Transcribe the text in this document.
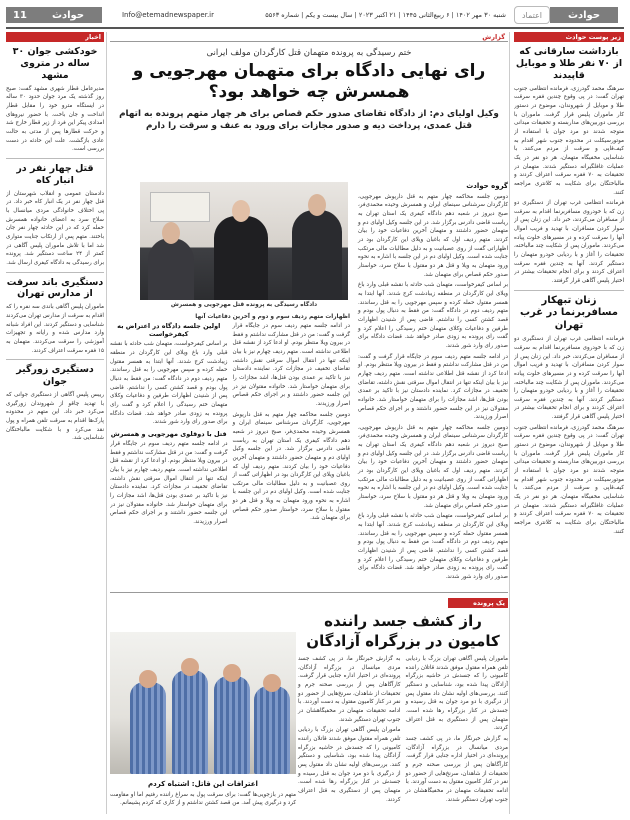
حوادث
اعتماد
شنبه ۳۰ مهر ۱۴۰۲ | ۶ ربیع‌الثانی ۱۴۴۵ | ۲۱ اکتبر ۲۰۲۳ | سال بیست و یکم | شماره ۵۵۶۳
Info@etemadnewspaper.ir
حوادث
11
زیر پوست حوادث
بازداشت سارقانی که از ۷۰ نفر طلا و موبایل قاپیدند
سرهنگ محمد گودرزی، فرمانده انتظامی جنوب تهران گفت: در پی وقوع چندین فقره سرقت طلا و موبایل از شهروندان، موضوع در دستور کار ماموران پلیس قرار گرفت. ماموران با بررسی دوربین‌های مداربسته و تحقیقات میدانی متوجه شدند دو مرد جوان با استفاده از موتورسیکلت در محدوده جنوب شهر اقدام به کیف‌قاپی و سرقت از مردم می‌کنند. با شناسایی مخفیگاه متهمان، هر دو نفر در یک عملیات غافلگیرانه دستگیر شدند. متهمان در تحقیقات به ۷۰ فقره سرقت اعتراف کردند و مالباختگان برای شکایت به کلانتری مراجعه کنند.
فرمانده انتظامی غرب تهران از دستگیری دو زن که با خودروی مسافربرنما اقدام به سرقت از مسافران می‌کردند، خبر داد. این زنان پس از سوار کردن مسافران، با تهدید و فریب اموال آنها را سرقت کرده و در مسیرهای خلوت پیاده می‌کردند. ماموران پس از شکایت چند مالباخته، تحقیقات را آغاز و با ردیابی خودرو متهمان را دستگیر کردند. آنها به چندین فقره سرقت اعتراف کردند و برای انجام تحقیقات بیشتر در اختیار پلیس آگاهی قرار گرفتند.
زنان تبهکار مسافربرنما در غرب تهران
فرمانده انتظامی غرب تهران از دستگیری دو زن که با خودروی مسافربرنما اقدام به سرقت از مسافران می‌کردند، خبر داد. این زنان پس از سوار کردن مسافران، با تهدید و فریب اموال آنها را سرقت کرده و در مسیرهای خلوت پیاده می‌کردند. ماموران پس از شکایت چند مالباخته، تحقیقات را آغاز و با ردیابی خودرو متهمان را دستگیر کردند. آنها به چندین فقره سرقت اعتراف کردند و برای انجام تحقیقات بیشتر در اختیار پلیس آگاهی قرار گرفتند.
سرهنگ محمد گودرزی، فرمانده انتظامی جنوب تهران گفت: در پی وقوع چندین فقره سرقت طلا و موبایل از شهروندان، موضوع در دستور کار ماموران پلیس قرار گرفت. ماموران با بررسی دوربین‌های مداربسته و تحقیقات میدانی متوجه شدند دو مرد جوان با استفاده از موتورسیکلت در محدوده جنوب شهر اقدام به کیف‌قاپی و سرقت از مردم می‌کنند. با شناسایی مخفیگاه متهمان، هر دو نفر در یک عملیات غافلگیرانه دستگیر شدند. متهمان در تحقیقات به ۷۰ فقره سرقت اعتراف کردند و مالباختگان برای شکایت به کلانتری مراجعه کنند.
اخبار
خودکشی جوان ۳۰ ساله در متروی مشهد
مدیرعامل قطار شهری مشهد گفت: صبح روز گذشته یک مرد جوان حدود ۳۰ ساله در ایستگاه مترو خود را مقابل قطار انداخت و جان باخت. با حضور نیروهای امدادی پیکر این فرد از زیر قطار خارج شد و حرکت قطارها پس از مدتی به حالت عادی بازگشت. علت این حادثه در دست بررسی است.
قتل چهار نفر در انبار کاه
دادستان عمومی و انقلاب شهرستان از قتل چهار نفر در یک انبار کاه خبر داد. در پی اختلاف خانوادگی مردی میانسال با سلاح سرد به اعضای خانواده همسرش حمله کرد که در این حادثه چهار نفر جان باختند. متهم پس از ارتکاب جنایت متواری شد اما با تلاش ماموران پلیس آگاهی در کمتر از ۲۴ ساعت دستگیر شد. پرونده برای رسیدگی به دادگاه کیفری ارسال شد.
دستگیری باند سرقت از مدارس تهران
ماموران پلیس آگاهی باندی سه نفره را که اقدام به سرقت از مدارس تهران می‌کردند شناسایی و دستگیر کردند. این افراد شبانه وارد مدارس شده و رایانه و تجهیزات آموزشی را سرقت می‌کردند. متهمان به ۱۵ فقره سرقت اعتراف کردند.
دستگیری زورگیر جوان
رییس پلیس آگاهی از دستگیری جوانی که با تهدید چاقو از شهروندان زورگیری می‌کرد خبر داد. این متهم در محدوده پارک‌ها اقدام به سرقت تلفن همراه و پول نقد می‌کرد و با شکایت مالباختگان شناسایی شد.
گزارش
ختم رسیدگی به پرونده متهمان قتل کارگردان مولف ایرانی
رای نهایی دادگاه برای متهمان مهرجویی و همسرش چه خواهد بود؟
وکیل اولیای دم: از دادگاه تقاضای صدور حکم قصاص برای هر چهار متهم پرونده به اتهام قتل عمدی، پرداخت دیه و صدور مجازات برای ورود به عنف و سرقت را دارم
گروه حوادث
دومین جلسه محاکمه چهار متهم به قتل داریوش مهرجویی، کارگردان سرشناس سینمای ایران و همسرش وحیده محمدی‌فر، صبح دیروز در شعبه دهم دادگاه کیفری یک استان تهران به ریاست قاضی دادرس برگزار شد. در این جلسه وکیل اولیای دم و متهمان حضور داشتند و متهمان آخرین دفاعیات خود را بیان کردند. متهم ردیف اول که باغبان ویلای این کارگردان بود در اظهاراتی گفت از روی عصبانیت و به دلیل مطالبات مالی مرتکب جنایت شده است. وکیل اولیای دم در این جلسه با اشاره به نحوه ورود متهمان به ویلا و قتل هر دو مقتول با سلاح سرد، خواستار صدور حکم قصاص برای متهمان شد.
بر اساس کیفرخواست، متهمان شب حادثه با نقشه قبلی وارد باغ ویلای این کارگردان در منطقه زیبادشت کرج شدند. آنها ابتدا به همسر مقتول حمله کرده و سپس مهرجویی را به قتل رساندند. متهم ردیف دوم در دادگاه گفت: من فقط به دنبال پول بودم و قصد کشتن کسی را نداشتم. قاضی پس از شنیدن اظهارات طرفین و دفاعیات وکلای متهمان ختم رسیدگی را اعلام کرد و گفت رای پرونده به زودی صادر خواهد شد. قضات دادگاه برای صدور رای وارد شور شدند.
در ادامه جلسه متهم ردیف سوم در جایگاه قرار گرفت و گفت: من در قتل مشارکت نداشتم و فقط در بیرون ویلا منتظر بودم. او ادعا کرد از نقشه قتل اطلاعی نداشته است. متهم ردیف چهارم نیز با بیان اینکه تنها در انتقال اموال سرقتی نقش داشته، تقاضای تخفیف در مجازات کرد. نماینده دادستان نیز با تاکید بر عمدی بودن قتل‌ها، اشد مجازات را برای متهمان خواستار شد. خانواده مقتولان نیز در این جلسه حضور داشتند و بر اجرای حکم قصاص اصرار ورزیدند.
دومین جلسه محاکمه چهار متهم به قتل داریوش مهرجویی، کارگردان سرشناس سینمای ایران و همسرش وحیده محمدی‌فر، صبح دیروز در شعبه دهم دادگاه کیفری یک استان تهران به ریاست قاضی دادرس برگزار شد. در این جلسه وکیل اولیای دم و متهمان حضور داشتند و متهمان آخرین دفاعیات خود را بیان کردند. متهم ردیف اول که باغبان ویلای این کارگردان بود در اظهاراتی گفت از روی عصبانیت و به دلیل مطالبات مالی مرتکب جنایت شده است. وکیل اولیای دم در این جلسه با اشاره به نحوه ورود متهمان به ویلا و قتل هر دو مقتول با سلاح سرد، خواستار صدور حکم قصاص برای متهمان شد.
بر اساس کیفرخواست، متهمان شب حادثه با نقشه قبلی وارد باغ ویلای این کارگردان در منطقه زیبادشت کرج شدند. آنها ابتدا به همسر مقتول حمله کرده و سپس مهرجویی را به قتل رساندند. متهم ردیف دوم در دادگاه گفت: من فقط به دنبال پول بودم و قصد کشتن کسی را نداشتم. قاضی پس از شنیدن اظهارات طرفین و دفاعیات وکلای متهمان ختم رسیدگی را اعلام کرد و گفت رای پرونده به زودی صادر خواهد شد. قضات دادگاه برای صدور رای وارد شور شدند.
دادگاه رسیدگی به پرونده قتل مهرجویی و همسرش
اظهارات متهم ردیف سوم و دوم و آخرین دفاعیات آنها
در ادامه جلسه متهم ردیف سوم در جایگاه قرار گرفت و گفت: من در قتل مشارکت نداشتم و فقط در بیرون ویلا منتظر بودم. او ادعا کرد از نقشه قتل اطلاعی نداشته است. متهم ردیف چهارم نیز با بیان اینکه تنها در انتقال اموال سرقتی نقش داشته، تقاضای تخفیف در مجازات کرد. نماینده دادستان نیز با تاکید بر عمدی بودن قتل‌ها، اشد مجازات را برای متهمان خواستار شد. خانواده مقتولان نیز در این جلسه حضور داشتند و بر اجرای حکم قصاص اصرار ورزیدند.
دومین جلسه محاکمه چهار متهم به قتل داریوش مهرجویی، کارگردان سرشناس سینمای ایران و همسرش وحیده محمدی‌فر، صبح دیروز در شعبه دهم دادگاه کیفری یک استان تهران به ریاست قاضی دادرس برگزار شد. در این جلسه وکیل اولیای دم و متهمان حضور داشتند و متهمان آخرین دفاعیات خود را بیان کردند. متهم ردیف اول که باغبان ویلای این کارگردان بود در اظهاراتی گفت از روی عصبانیت و به دلیل مطالبات مالی مرتکب جنایت شده است. وکیل اولیای دم در این جلسه با اشاره به نحوه ورود متهمان به ویلا و قتل هر دو مقتول با سلاح سرد، خواستار صدور حکم قصاص برای متهمان شد.
اولین جلسه دادگاه در اعتراض به کیفرخواست
بر اساس کیفرخواست، متهمان شب حادثه با نقشه قبلی وارد باغ ویلای این کارگردان در منطقه زیبادشت کرج شدند. آنها ابتدا به همسر مقتول حمله کرده و سپس مهرجویی را به قتل رساندند. متهم ردیف دوم در دادگاه گفت: من فقط به دنبال پول بودم و قصد کشتن کسی را نداشتم. قاضی پس از شنیدن اظهارات طرفین و دفاعیات وکلای متهمان ختم رسیدگی را اعلام کرد و گفت رای پرونده به زودی صادر خواهد شد. قضات دادگاه برای صدور رای وارد شور شدند.
قتل با دوقلوی مهرجویی و همسرش
در ادامه جلسه متهم ردیف سوم در جایگاه قرار گرفت و گفت: من در قتل مشارکت نداشتم و فقط در بیرون ویلا منتظر بودم. او ادعا کرد از نقشه قتل اطلاعی نداشته است. متهم ردیف چهارم نیز با بیان اینکه تنها در انتقال اموال سرقتی نقش داشته، تقاضای تخفیف در مجازات کرد. نماینده دادستان نیز با تاکید بر عمدی بودن قتل‌ها، اشد مجازات را برای متهمان خواستار شد. خانواده مقتولان نیز در این جلسه حضور داشتند و بر اجرای حکم قصاص اصرار ورزیدند.
یک پرونده
راز کشف جسد راننده کامیون در بزرگراه آزادگان
ماموران پلیس آگاهی تهران بزرگ با ردیابی تلفن همراه مقتول موفق شدند قاتلان راننده کامیونی را که جسدش در حاشیه بزرگراه آزادگان پیدا شده بود، شناسایی و دستگیر کنند. بررسی‌های اولیه نشان داد مقتول پس از درگیری با دو مرد جوان به قتل رسیده و جسدش در کنار بزرگراه رها شده است. متهمان پس از دستگیری به قتل اعتراف کردند.
به گزارش خبرنگار ما، در پی کشف جسد مردی میانسال در بزرگراه آزادگان، پرونده‌ای در اختیار اداره جنایی قرار گرفت. کارآگاهان پس از بررسی صحنه جرم و تحقیقات از شاهدان، سرنخ‌هایی از حضور دو نفر در کنار کامیون مقتول به دست آوردند. با ادامه تحقیقات متهمان در مخفیگاهشان در جنوب تهران دستگیر شدند.
به گزارش خبرنگار ما، در پی کشف جسد مردی میانسال در بزرگراه آزادگان، پرونده‌ای در اختیار اداره جنایی قرار گرفت. کارآگاهان پس از بررسی صحنه جرم و تحقیقات از شاهدان، سرنخ‌هایی از حضور دو نفر در کنار کامیون مقتول به دست آوردند. با ادامه تحقیقات متهمان در مخفیگاهشان در جنوب تهران دستگیر شدند.
ماموران پلیس آگاهی تهران بزرگ با ردیابی تلفن همراه مقتول موفق شدند قاتلان راننده کامیونی را که جسدش در حاشیه بزرگراه آزادگان پیدا شده بود، شناسایی و دستگیر کنند. بررسی‌های اولیه نشان داد مقتول پس از درگیری با دو مرد جوان به قتل رسیده و جسدش در کنار بزرگراه رها شده است. متهمان پس از دستگیری به قتل اعتراف کردند.
اعترافات این قاتل: اشتباه کردم
متهم در بازجویی‌ها گفت: برای سرقت پول به سراغ راننده رفتیم اما او مقاومت کرد و درگیری پیش آمد. من قصد کشتن نداشتم و از کاری که کردم پشیمانم.
